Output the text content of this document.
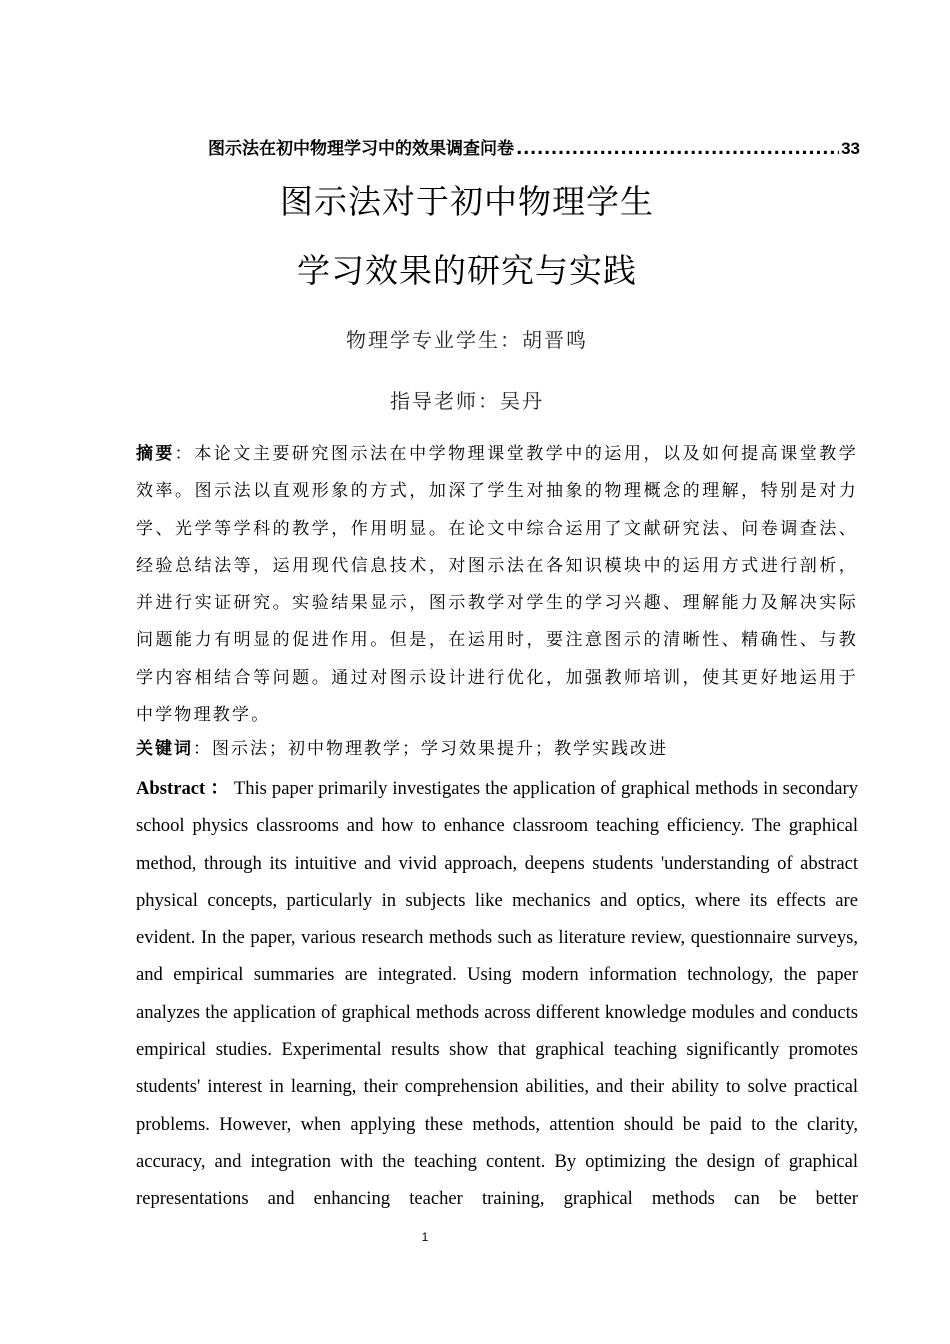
图示法在初中物理学习中的效果调查问卷
.....	33
图示法对于初中物理学生
学习效果的研究与实践
物理学专业学生：胡晋鸣
指导老师：吴丹
摘要：本论文主要研究图示法在中学物理课堂教学中的运用，以及如何提高课堂教学效率。图示法以直观形象的方式，加深了学生对抽象的物理概念的理解，特别是对力学、光学等学科的教学，作用明显。在论文中综合运用了文献研究法、问卷调查法、经验总结法等，运用现代信息技术，对图示法在各知识模块中的运用方式进行剖析，并进行实证研究。实验结果显示，图示教学对学生的学习兴趣、理解能力及解决实际问题能力有明显的促进作用。但是，在运用时，要注意图示的清晰性、精确性、与教学内容相结合等问题。通过对图示设计进行优化，加强教师培训，使其更好地运用于中学物理教学。
关键词：图示法；初中物理教学；学习效果提升；教学实践改进
Abstract ： This paper primarily investigates the application of graphical methods in secondary school physics classrooms and how to enhance classroom teaching efficiency. The graphical method, through its intuitive and vivid approach, deepens students 'understanding of abstract physical concepts, particularly in subjects like mechanics and optics, where its effects are evident. In the paper, various research methods such as literature review, questionnaire surveys, and empirical summaries are integrated. Using modern information technology, the paper analyzes the application of graphical methods across different knowledge modules and conducts empirical studies. Experimental results show that graphical teaching significantly promotes students' interest in learning, their comprehension abilities, and their ability to solve practical problems. However, when applying these methods, attention should be paid to the clarity, accuracy, and integration with the teaching content. By optimizing the design of graphical representations and enhancing teacher training, graphical methods can be better
1
